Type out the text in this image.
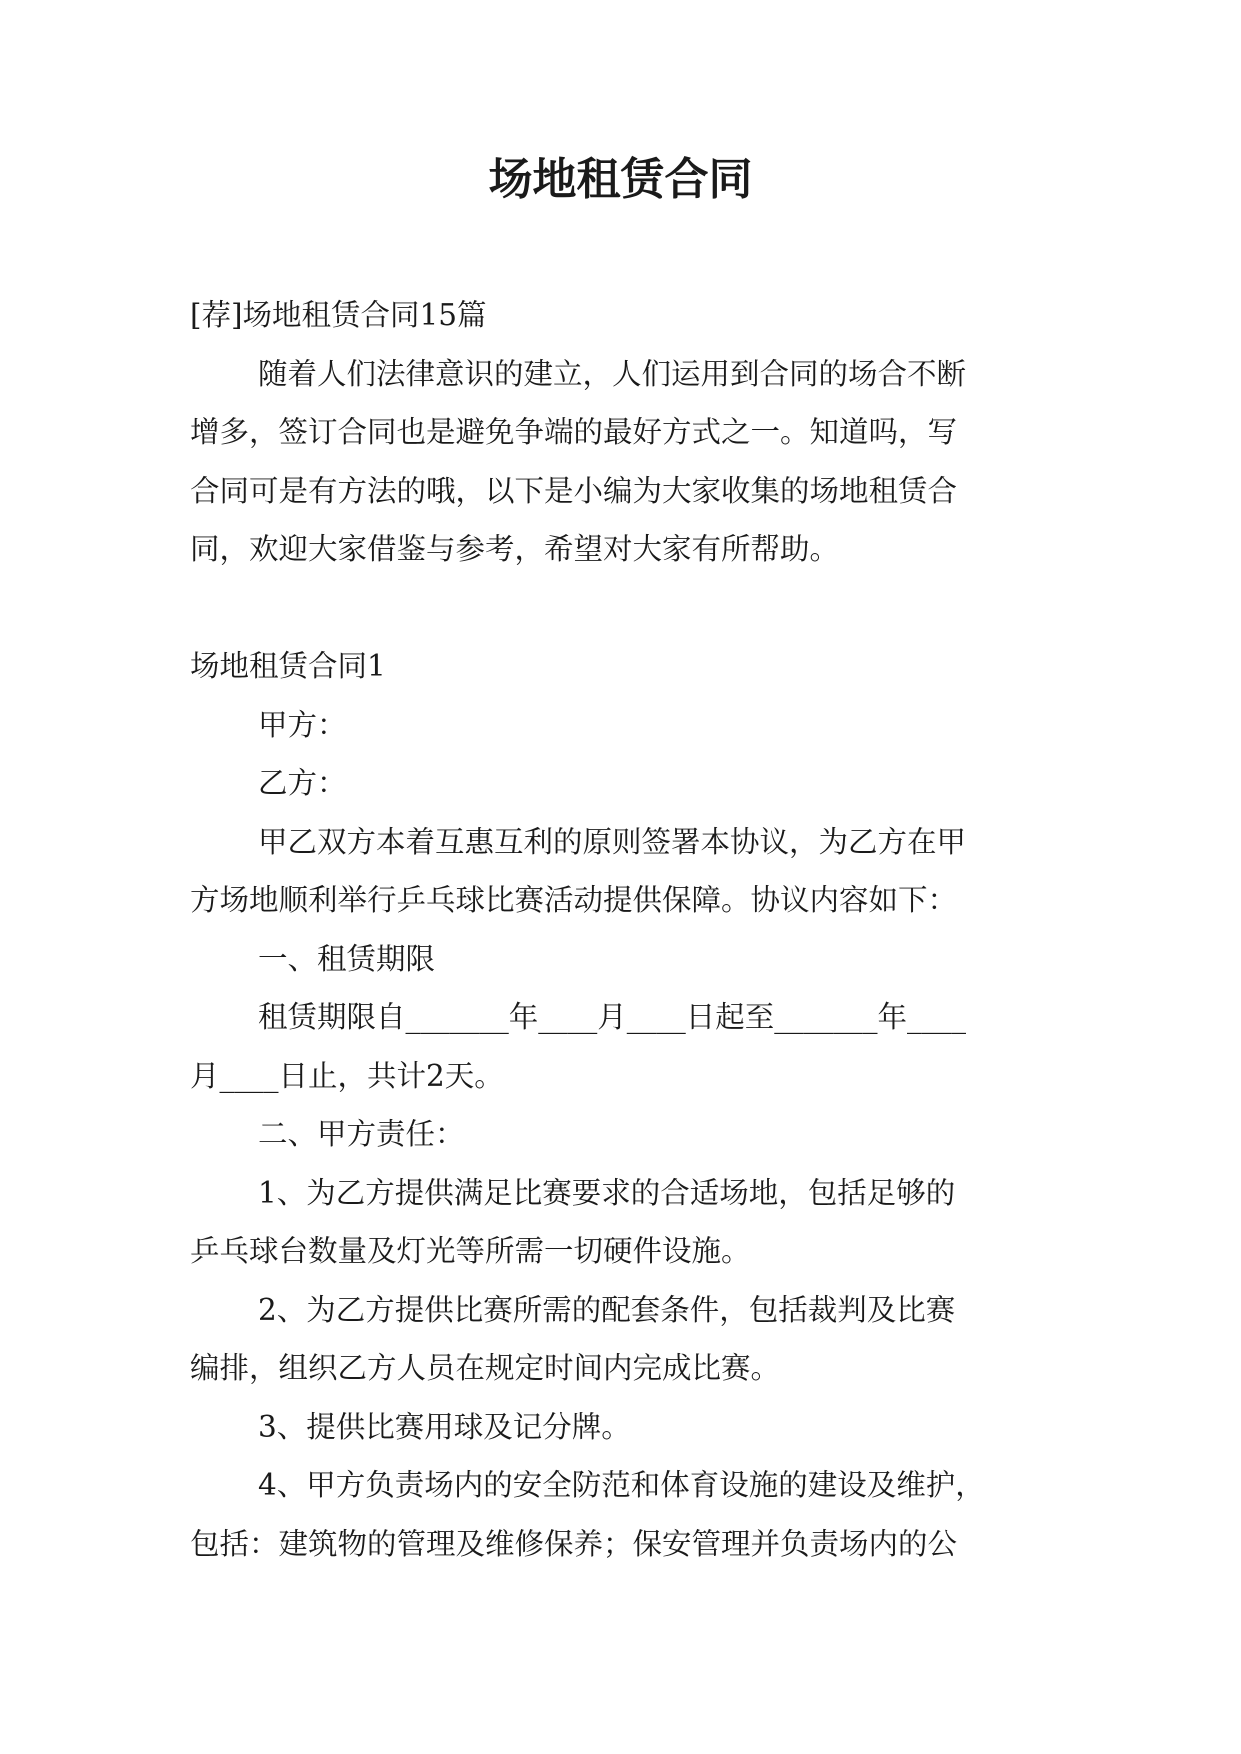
场地租赁合同

[荐]场地租赁合同15篇

随着人们法律意识的建立，人们运用到合同的场合不断

增多，签订合同也是避免争端的最好方式之一。知道吗，写

合同可是有方法的哦，以下是小编为大家收集的场地租赁合

同，欢迎大家借鉴与参考，希望对大家有所帮助。

场地租赁合同1

甲方：

乙方：

甲乙双方本着互惠互利的原则签署本协议，为乙方在甲

方场地顺利举行乒乓球比赛活动提供保障。协议内容如下：

一、租赁期限

租赁期限自_______年____月____日起至_______年____

月____日止，共计2天。

二、甲方责任：

1、为乙方提供满足比赛要求的合适场地，包括足够的

乒乓球台数量及灯光等所需一切硬件设施。

2、为乙方提供比赛所需的配套条件，包括裁判及比赛

编排，组织乙方人员在规定时间内完成比赛。

3、提供比赛用球及记分牌。

4、甲方负责场内的安全防范和体育设施的建设及维护，

包括：建筑物的管理及维修保养；保安管理并负责场内的公
